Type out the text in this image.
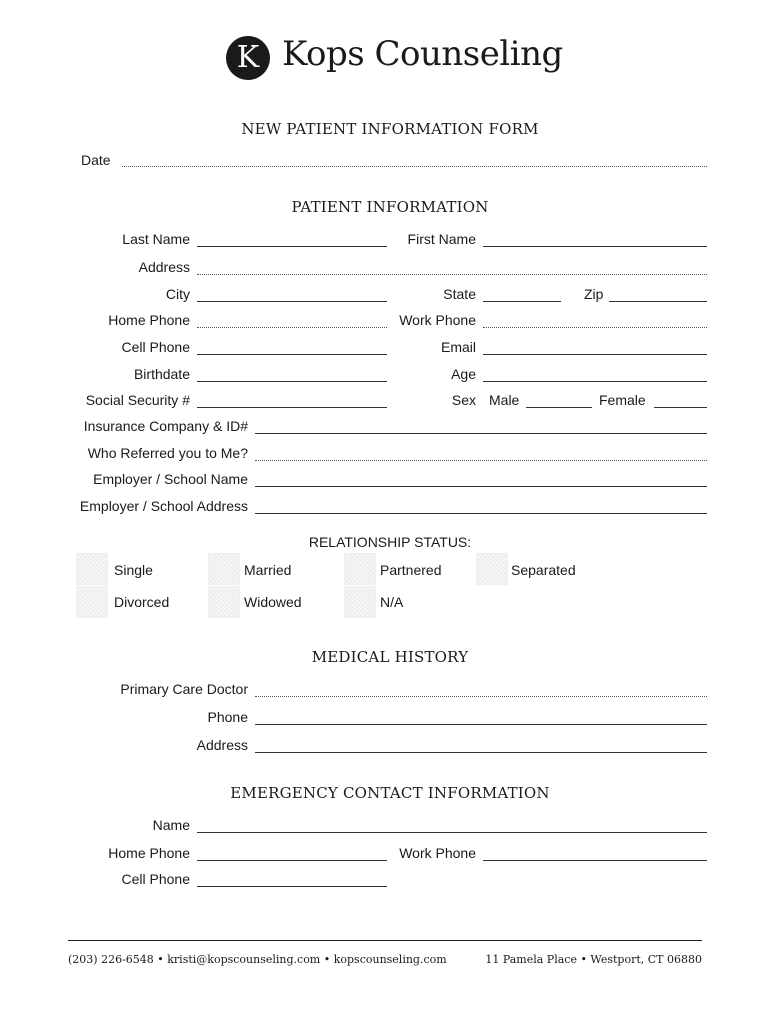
K Kops Counseling
NEW PATIENT INFORMATION FORM
Date
PATIENT INFORMATION
Last Name	First Name
Address
City	State	Zip
Home Phone	Work Phone
Cell Phone	Email
Birthdate	Age
Social Security #	Sex Male	Female
Insurance Company & ID#
Who Referred you to Me?
Employer / School Name
Employer / School Address
RELATIONSHIP STATUS:
Single	Married	Partnered	Separated
Divorced	Widowed	N/A
MEDICAL HISTORY
Primary Care Doctor
Phone
Address
EMERGENCY CONTACT INFORMATION
Name
Home Phone	Work Phone
Cell Phone
(203) 226-6548 • kristi@kopscounseling.com • kopscounseling.com	11 Pamela Place • Westport, CT 06880
